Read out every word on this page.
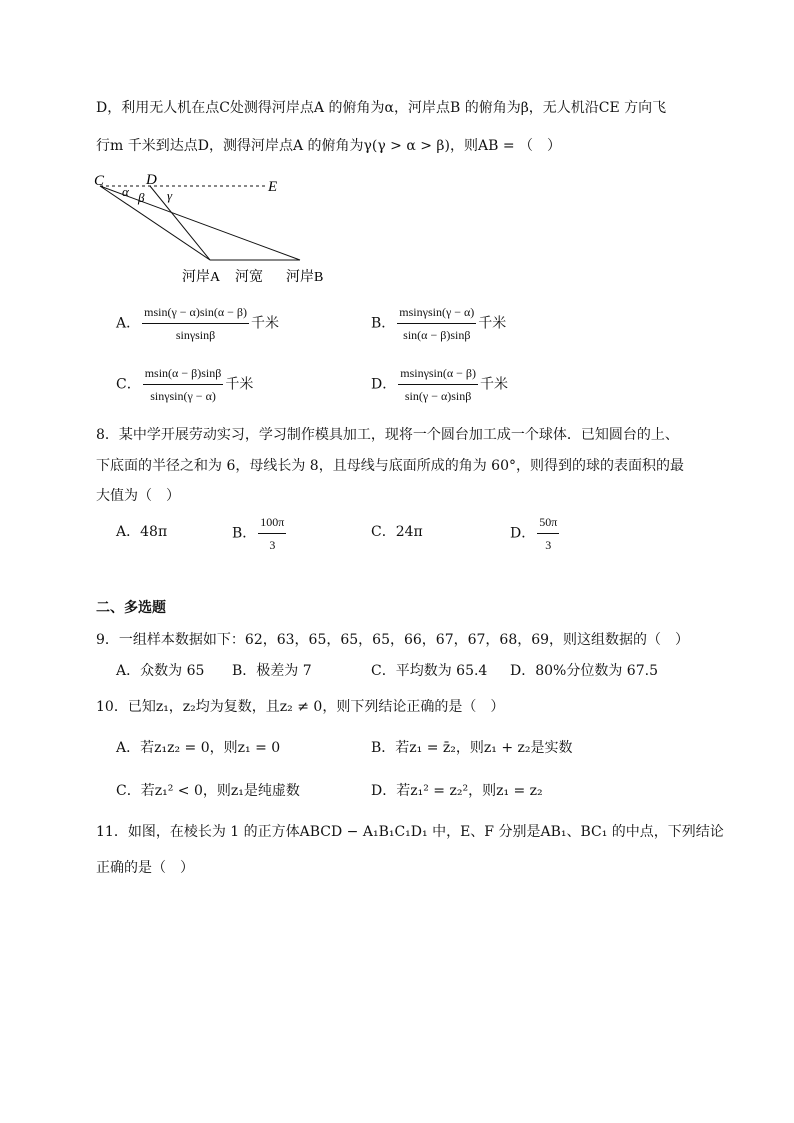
D，利用无人机在点C处测得河岸点A 的俯角为α，河岸点B 的俯角为β，无人机沿CE 方向飞
行m 千米到达点D，测得河岸点A 的俯角为γ(γ > α > β)，则AB = （　）
C	D	E
α β γ
河岸A 河宽 河岸B
A． $\frac{msin(\gamma - \alpha)\sin(\alpha - \beta)}{\sin\gamma\sin\beta}$ 千米	B． $\frac{msin\gamma\sin(\gamma - \alpha)}{\sin(\alpha - \beta)\sin\beta}$ 千米
C． $\frac{msin(\alpha - \beta)\sin\beta}{\sin\gamma\sin(\gamma - \alpha)}$ 千米	D． $\frac{msin\gamma\sin(\alpha - \beta)}{\sin(\gamma - \alpha)\sin\beta}$ 千米
8．某中学开展劳动实习，学习制作模具加工，现将一个圆台加工成一个球体．已知圆台的上、
下底面的半径之和为 6，母线长为 8，且母线与底面所成的角为 60°，则得到的球的表面积的最
大值为（　）
A．48π	B． $\frac{100\pi}{3}$	C．24π	D． $\frac{50\pi}{3}$
二、多选题
9．一组样本数据如下：62，63，65，65，65，66，67，67，68，69，则这组数据的（　）
A．众数为 65 B．极差为 7	C．平均数为 65.4 D．80%分位数为 67.5
10．已知z₁，z₂均为复数，且z₂ ≠ 0，则下列结论正确的是（　）
A．若z₁z₂ = 0，则z₁ = 0	B．若z₁ = z̄₂，则z₁ + z₂是实数
C．若z₁² < 0，则z₁是纯虚数	D．若z₁² = z₂²，则z₁ = z₂
11．如图，在棱长为 1 的正方体ABCD − A₁B₁C₁D₁ 中，E、F 分别是AB₁、BC₁ 的中点，下列结论
正确的是（　）
